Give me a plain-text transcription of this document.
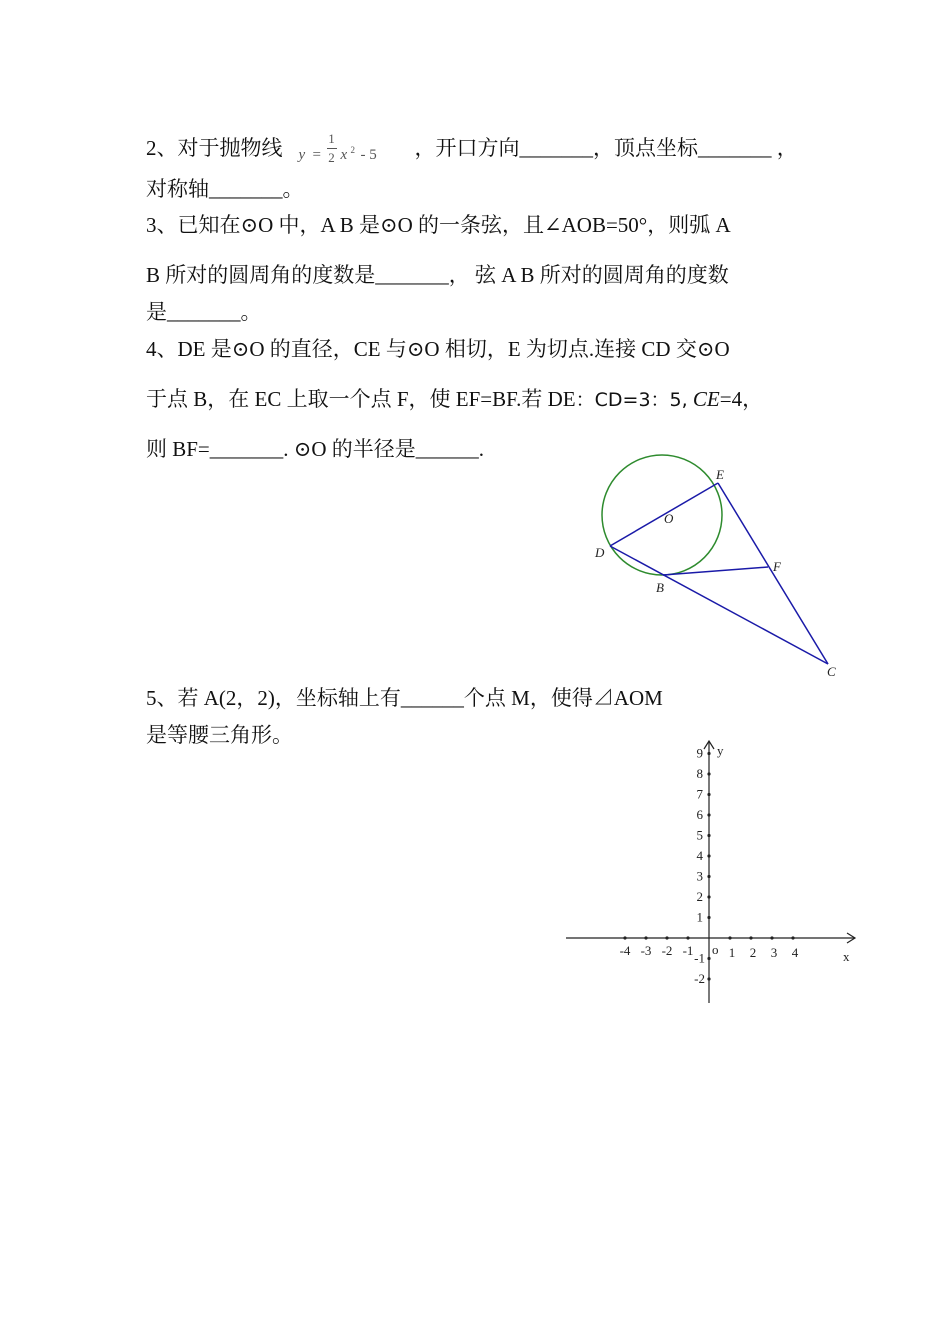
2、对于抛物线 y =
1
2 x 2 - 5 ，开口方向_______，顶点坐标_______ ，
对称轴_______。
3、已知在⊙O 中，A B 是⊙O 的一条弦，且∠AOB=50°，则弧 A
B 所对的圆周角的度数是_______， 弦 A B 所对的圆周角的度数
是_______。
4、DE 是⊙O 的直径，CE 与⊙O 相切，E 为切点.连接 CD 交⊙O
于点 B，在 EC 上取一个点 F，使 EF=BF.若 DE：CD=3：5, CE=4，
则 BF=_______. ⊙O 的半径是______.
E
O
D
F
B
C
5、若 A(2，2)，坐标轴上有______个点 M，使得⊿AOM
是等腰三角形。
-4 -3 -2 -1	1 2 3 4
1
2
3
4
5
6
7
8
9
-1
-2
y
x
o
